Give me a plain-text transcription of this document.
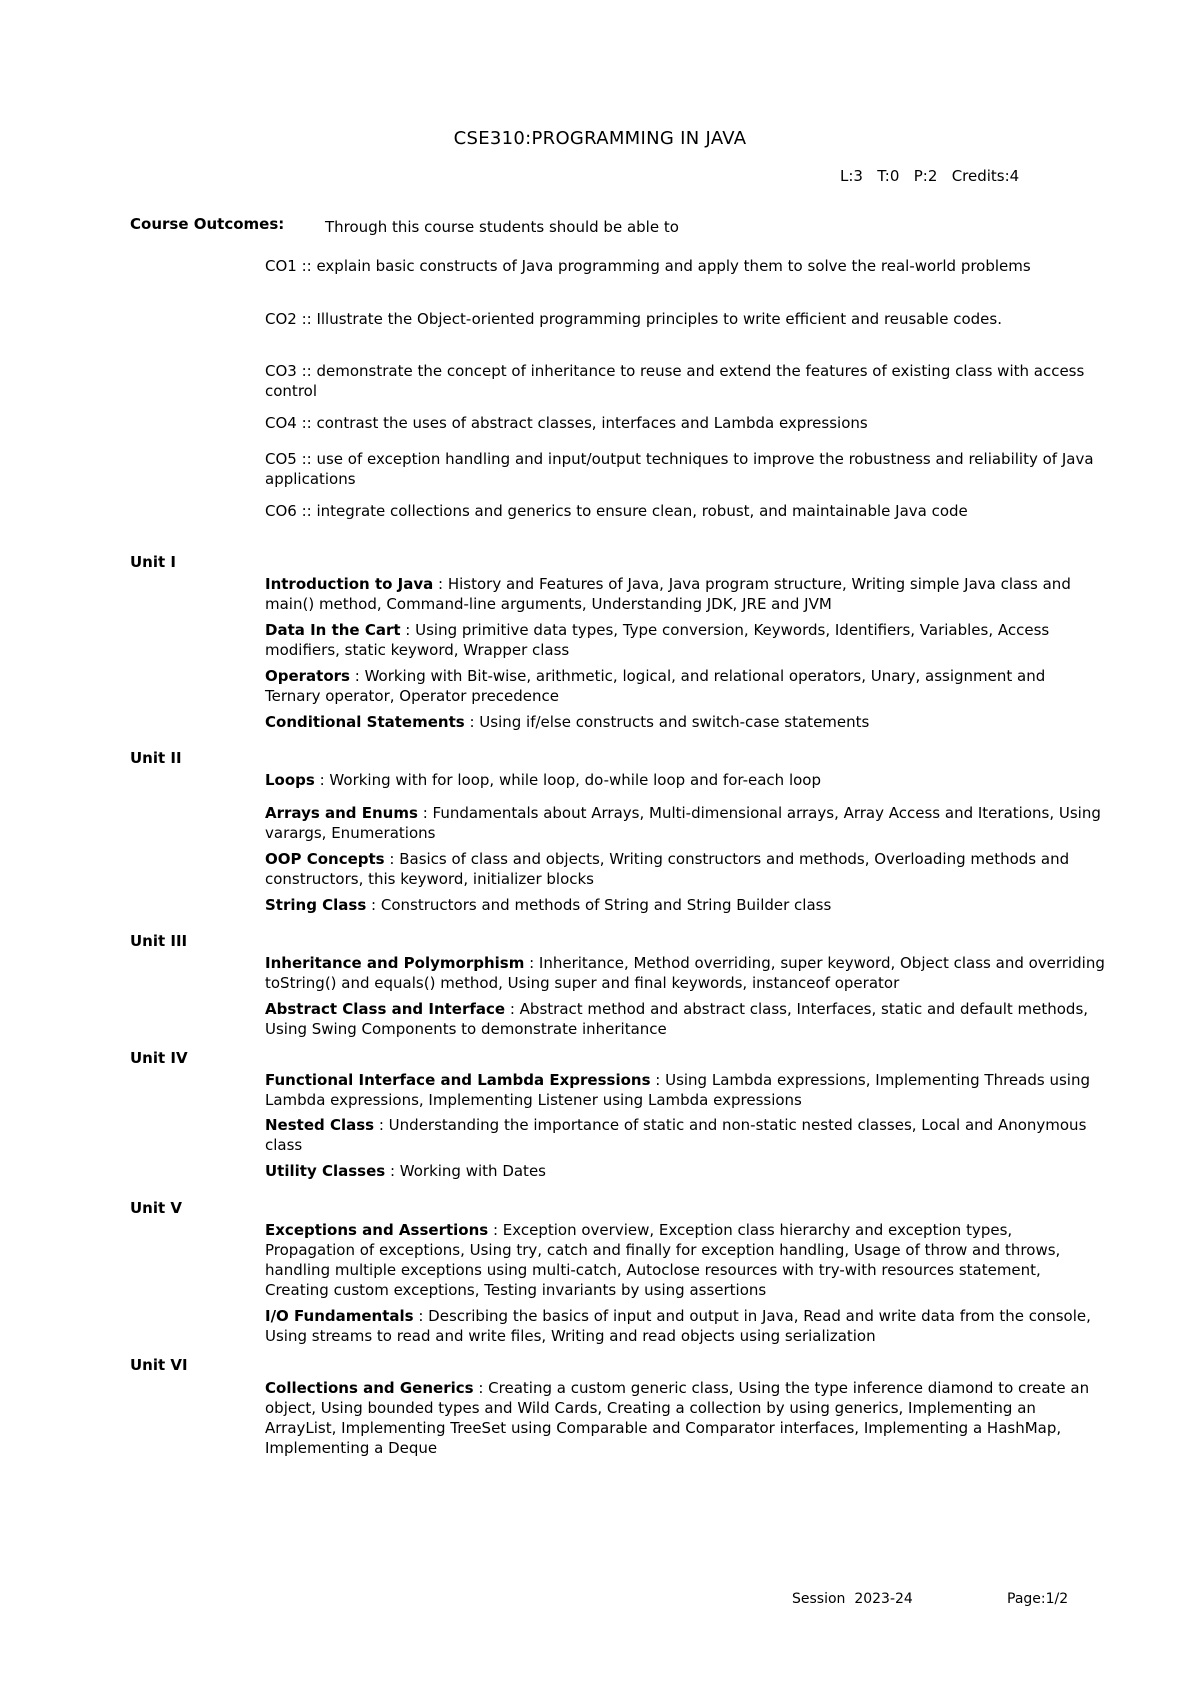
CSE310:PROGRAMMING IN JAVA
L:3 T:0 P:2 Credits:4
Course Outcomes:	Through this course students should be able to
CO1 :: explain basic constructs of Java programming and apply them to solve the real-world problems
CO2 :: Illustrate the Object-oriented programming principles to write efficient and reusable codes.
CO3 :: demonstrate the concept of inheritance to reuse and extend the features of existing class with access control
CO4 :: contrast the uses of abstract classes, interfaces and Lambda expressions
CO5 :: use of exception handling and input/output techniques to improve the robustness and reliability of Java applications
CO6 :: integrate collections and generics to ensure clean, robust, and maintainable Java code
Unit I
Introduction to Java : History and Features of Java, Java program structure, Writing simple Java class and main() method, Command-line arguments, Understanding JDK, JRE and JVM
Data In the Cart : Using primitive data types, Type conversion, Keywords, Identifiers, Variables, Access modifiers, static keyword, Wrapper class
Operators : Working with Bit-wise, arithmetic, logical, and relational operators, Unary, assignment and Ternary operator, Operator precedence
Conditional Statements : Using if/else constructs and switch-case statements
Unit II
Loops : Working with for loop, while loop, do-while loop and for-each loop
Arrays and Enums : Fundamentals about Arrays, Multi-dimensional arrays, Array Access and Iterations, Using varargs, Enumerations
OOP Concepts : Basics of class and objects, Writing constructors and methods, Overloading methods and constructors, this keyword, initializer blocks
String Class : Constructors and methods of String and String Builder class
Unit III
Inheritance and Polymorphism : Inheritance, Method overriding, super keyword, Object class and overriding toString() and equals() method, Using super and final keywords, instanceof operator
Abstract Class and Interface : Abstract method and abstract class, Interfaces, static and default methods, Using Swing Components to demonstrate inheritance
Unit IV
Functional Interface and Lambda Expressions : Using Lambda expressions, Implementing Threads using Lambda expressions, Implementing Listener using Lambda expressions
Nested Class : Understanding the importance of static and non-static nested classes, Local and Anonymous class
Utility Classes : Working with Dates
Unit V
Exceptions and Assertions : Exception overview, Exception class hierarchy and exception types, Propagation of exceptions, Using try, catch and finally for exception handling, Usage of throw and throws, handling multiple exceptions using multi-catch, Autoclose resources with try-with resources statement, Creating custom exceptions, Testing invariants by using assertions
I/O Fundamentals : Describing the basics of input and output in Java, Read and write data from the console, Using streams to read and write files, Writing and read objects using serialization
Unit VI
Collections and Generics : Creating a custom generic class, Using the type inference diamond to create an object, Using bounded types and Wild Cards, Creating a collection by using generics, Implementing an ArrayList, Implementing TreeSet using Comparable and Comparator interfaces, Implementing a HashMap, Implementing a Deque
Session 2023-24	Page:1/2
